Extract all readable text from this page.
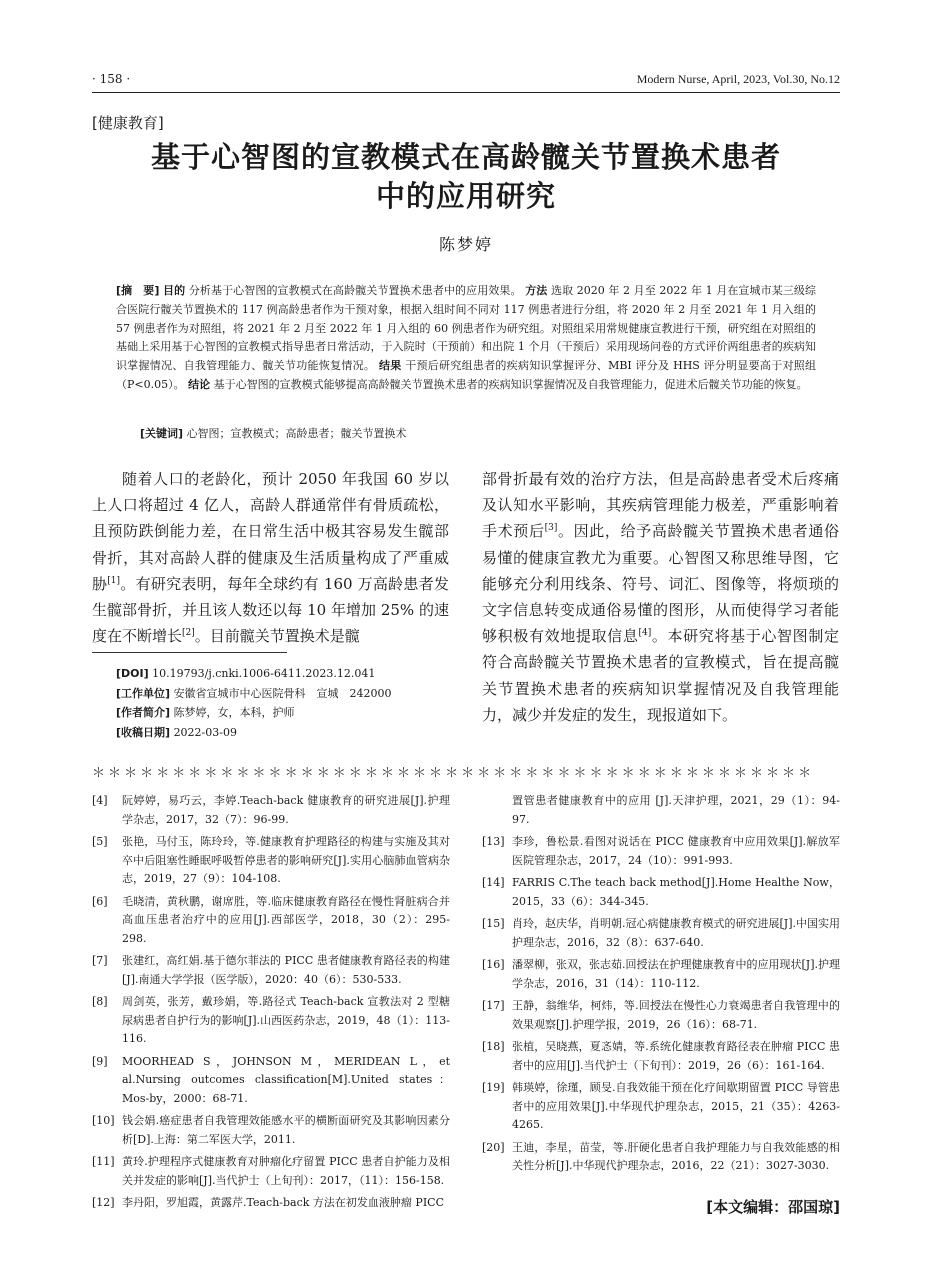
· 158 ·	Modern Nurse, April, 2023, Vol.30, No.12
[健康教育]
基于心智图的宣教模式在高龄髋关节置换术患者
中的应用研究
陈梦婷
[摘　要] 目的 分析基于心智图的宣教模式在高龄髋关节置换术患者中的应用效果。 方法 选取 2020 年 2 月至 2022 年 1 月在宣城市某三级综合医院行髋关节置换术的 117 例高龄患者作为干预对象，根据入组时间不同对 117 例患者进行分组，将 2020 年 2 月至 2021 年 1 月入组的 57 例患者作为对照组，将 2021 年 2 月至 2022 年 1 月入组的 60 例患者作为研究组。对照组采用常规健康宣教进行干预，研究组在对照组的基础上采用基于心智图的宣教模式指导患者日常活动，于入院时（干预前）和出院 1 个月（干预后）采用现场问卷的方式评价两组患者的疾病知识掌握情况、自我管理能力、髋关节功能恢复情况。 结果 干预后研究组患者的疾病知识掌握评分、MBI 评分及 HHS 评分明显要高于对照组（P<0.05）。 结论 基于心智图的宣教模式能够提高高龄髋关节置换术患者的疾病知识掌握情况及自我管理能力，促进术后髋关节功能的恢复。
[关键词] 心智图；宣教模式；高龄患者；髋关节置换术

随着人口的老龄化，预计 2050 年我国 60 岁以上人口将超过 4 亿人，高龄人群通常伴有骨质疏松，且预防跌倒能力差，在日常生活中极其容易发生髋部骨折，其对高龄人群的健康及生活质量构成了严重威胁[1]。有研究表明，每年全球约有 160 万高龄患者发生髋部骨折，并且该人数还以每 10 年增加 25% 的速度在不断增长[2]。目前髋关节置换术是髋

部骨折最有效的治疗方法，但是高龄患者受术后疼痛及认知水平影响，其疾病管理能力极差，严重影响着手术预后[3]。因此，给予高龄髋关节置换术患者通俗易懂的健康宣教尤为重要。心智图又称思维导图，它能够充分利用线条、符号、词汇、图像等，将烦琐的文字信息转变成通俗易懂的图形，从而使得学习者能够积极有效地提取信息[4]。本研究将基于心智图制定符合高龄髋关节置换术患者的宣教模式，旨在提高髋关节置换术患者的疾病知识掌握情况及自我管理能力，减少并发症的发生，现报道如下。

[DOI] 10.19793/j.cnki.1006-6411.2023.12.041
[工作单位] 安徽省宣城市中心医院骨科　宣城　242000
[作者简介] 陈梦婷，女，本科，护师
[收稿日期] 2022-03-09
＊＊＊＊＊＊＊＊＊＊＊＊＊＊＊＊＊＊＊＊＊＊＊＊＊＊＊＊＊＊＊＊＊＊＊＊＊＊＊＊＊＊＊＊＊
[4]	阮婷婷，易巧云，李婷.Teach-back 健康教育的研究进展[J].护理学杂志，2017，32（7）：96-99.
[5]	张艳，马付玉，陈玲玲，等.健康教育护理路径的构建与实施及其对卒中后阻塞性睡眠呼吸暂停患者的影响研究[J].实用心脑肺血管病杂志，2019，27（9）：104-108.
[6]	毛晓清，黄秋鹏，谢席胜，等.临床健康教育路径在慢性肾脏病合并高血压患者治疗中的应用[J].西部医学，2018，30（2）：295-298.
[7]	张建红，高红娟.基于德尔菲法的 PICC 患者健康教育路径表的构建[J].南通大学学报（医学版），2020：40（6）：530-533.
[8]	周剑英，张芳，戴珍娟，等.路径式 Teach-back 宣教法对 2 型糖尿病患者自护行为的影响[J].山西医药杂志，2019，48（1）：113-116.
[9]	MOORHEAD S，JOHNSON M，MERIDEAN L，et al.Nursing outcomes classification[M].United states：Mos-by，2000：68-71.
[10] 钱会娟.癌症患者自我管理效能感水平的横断面研究及其影响因素分析[D].上海：第二军医大学，2011.
[11] 黄玲.护理程序式健康教育对肿瘤化疗留置 PICC 患者自护能力及相关并发症的影响[J].当代护士（上旬刊）：2017，（11）：156-158.
[12] 李丹阳，罗旭霞，黄露芹.Teach-back 方法在初发血液肿瘤 PICC
置管患者健康教育中的应用 [J].天津护理，2021，29（1）：94-97.
[13] 李珍，鲁松景.看图对说话在 PICC 健康教育中应用效果[J].解放军医院管理杂志，2017，24（10）：991-993.
[14] FARRIS C.The teach back method[J].Home Healthe Now，2015，33（6）：344-345.
[15] 肖玲，赵庆华，肖明朝.冠心病健康教育模式的研究进展[J].中国实用护理杂志，2016，32（8）：637-640.
[16] 潘翠柳，张双，张志茹.回授法在护理健康教育中的应用现状[J].护理学杂志，2016，31（14）：110-112.
[17] 王静，翁维华，柯炜，等.回授法在慢性心力衰竭患者自我管理中的效果观察[J].护理学报，2019，26（16）：68-71.
[18] 张植，吴晓燕，夏忞婧，等.系统化健康教育路径表在肿瘤 PICC 患者中的应用[J].当代护士（下旬刊）：2019，26（6）：161-164.
[19] 韩瑛婷，徐瑾，顾旻.自我效能干预在化疗间歇期留置 PICC 导管患者中的应用效果[J].中华现代护理杂志，2015，21（35）：4263-4265.
[20] 王迪，李星，苗莹，等.肝硬化患者自我护理能力与自我效能感的相关性分析[J].中华现代护理杂志，2016，22（21）：3027-3030.
[本文编辑：邵国琼]
